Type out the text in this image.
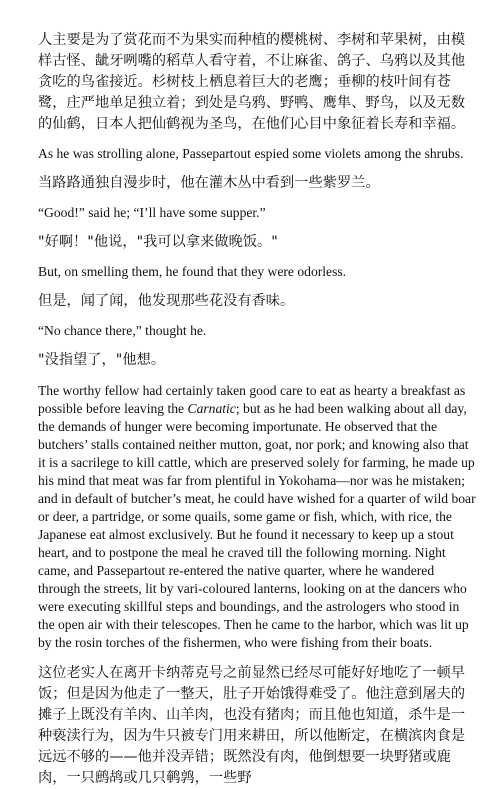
人主要是为了赏花而不为果实而种植的樱桃树、李树和苹果树，由模样古怪、龇牙咧嘴的稻草人看守着，不让麻雀、鸽子、乌鸦以及其他贪吃的鸟雀接近。杉树枝上栖息着巨大的老鹰；垂柳的枝叶间有苍鹭，庄严地单足独立着；到处是乌鸦、野鸭、鹰隼、野鸟，以及无数的仙鹤，日本人把仙鹤视为圣鸟，在他们心目中象征着长寿和幸福。

As he was strolling alone, Passepartout espied some violets among the shrubs.

当路路通独自漫步时，他在灌木丛中看到一些紫罗兰。

“Good!” said he; “I’ll have some supper.”

"好啊！"他说，"我可以拿来做晚饭。"

But, on smelling them, he found that they were odorless.

但是，闻了闻，他发现那些花没有香味。

“No chance there,” thought he.

"没指望了，"他想。

The worthy fellow had certainly taken good care to eat as hearty a breakfast as possible before leaving the Carnatic; but as he had been walking about all day, the demands of hunger were becoming importunate. He observed that the butchers’ stalls contained neither mutton, goat, nor pork; and knowing also that it is a sacrilege to kill cattle, which are preserved solely for farming, he made up his mind that meat was far from plentiful in Yokohama—nor was he mistaken; and in default of butcher’s meat, he could have wished for a quarter of wild boar or deer, a partridge, or some quails, some game or fish, which, with rice, the Japanese eat almost exclusively. But he found it necessary to keep up a stout heart, and to postpone the meal he craved till the following morning. Night came, and Passepartout re-entered the native quarter, where he wandered through the streets, lit by vari-coloured lanterns, looking on at the dancers who were executing skillful steps and boundings, and the astrologers who stood in the open air with their telescopes. Then he came to the harbor, which was lit up by the rosin torches of the fishermen, who were fishing from their boats.

这位老实人在离开卡纳蒂克号之前显然已经尽可能好好地吃了一顿早饭；但是因为他走了一整天，肚子开始饿得难受了。他注意到屠夫的摊子上既没有羊肉、山羊肉，也没有猪肉；而且他也知道，杀牛是一种亵渎行为，因为牛只被专门用来耕田，所以他断定，在横滨肉食是远远不够的——他并没弄错；既然没有肉，他倒想要一块野猪或鹿肉，一只鹧鸪或几只鹌鹑，一些野
